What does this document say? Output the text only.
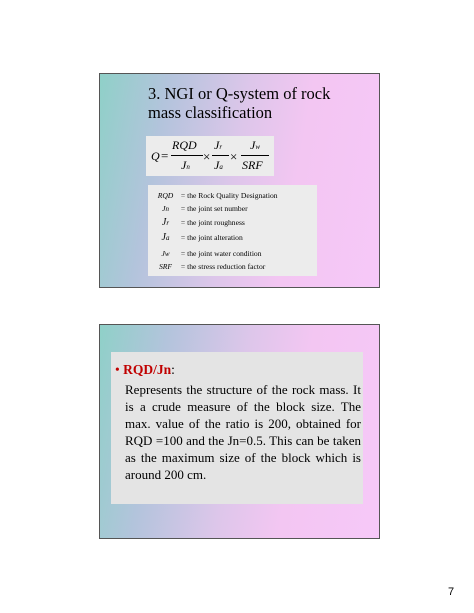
3. NGI or Q-system of rock
mass classification
Q =
RQD
Jn
×
Jr
Ja
×
Jw
SRF
RQD = the Rock Quality Designation
Jn = the joint set number
Jr = the joint roughness
Ja = the joint alteration
Jw = the joint water condition
SRF = the stress reduction factor
• RQD/Jn:
Represents the structure of the rock mass. It is a crude measure of the block size. The max. value of the ratio is 200, obtained for RQD =100 and the Jn=0.5. This can be taken as the maximum size of the block which is around 200 cm.
7
